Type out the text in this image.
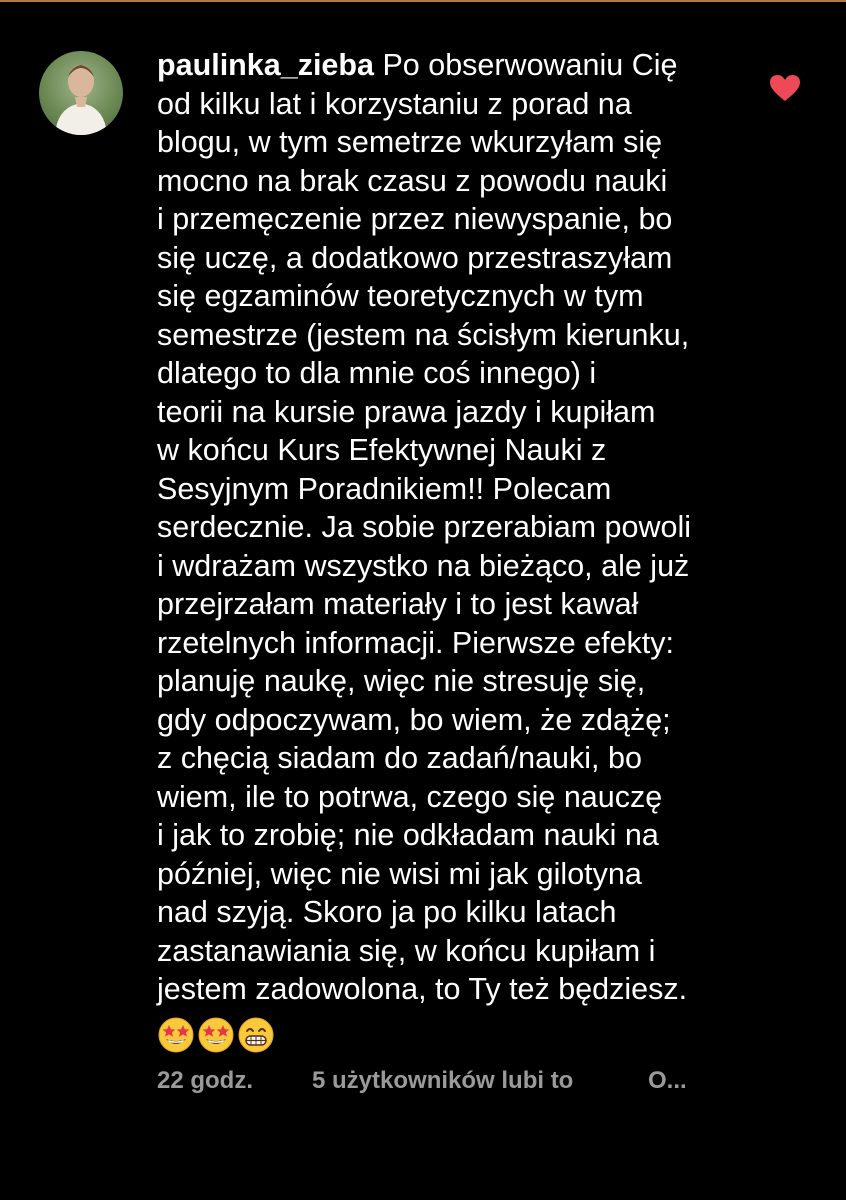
paulinka_zieba Po obserwowaniu Cię
od kilku lat i korzystaniu z porad na
blogu, w tym semetrze wkurzyłam się
mocno na brak czasu z powodu nauki
i przemęczenie przez niewyspanie, bo
się uczę, a dodatkowo przestraszyłam
się egzaminów teoretycznych w tym
semestrze (jestem na ścisłym kierunku,
dlatego to dla mnie coś innego) i
teorii na kursie prawa jazdy i kupiłam
w końcu Kurs Efektywnej Nauki z
Sesyjnym Poradnikiem!! Polecam
serdecznie. Ja sobie przerabiam powoli
i wdrażam wszystko na bieżąco, ale już
przejrzałam materiały i to jest kawał
rzetelnych informacji. Pierwsze efekty:
planuję naukę, więc nie stresuję się,
gdy odpoczywam, bo wiem, że zdążę;
z chęcią siadam do zadań/nauki, bo
wiem, ile to potrwa, czego się nauczę
i jak to zrobię; nie odkładam nauki na
później, więc nie wisi mi jak gilotyna
nad szyją. Skoro ja po kilku latach
zastanawiania się, w końcu kupiłam i
jestem zadowolona, to Ty też będziesz.
22 godz. 5 użytkowników lubi to	O...
